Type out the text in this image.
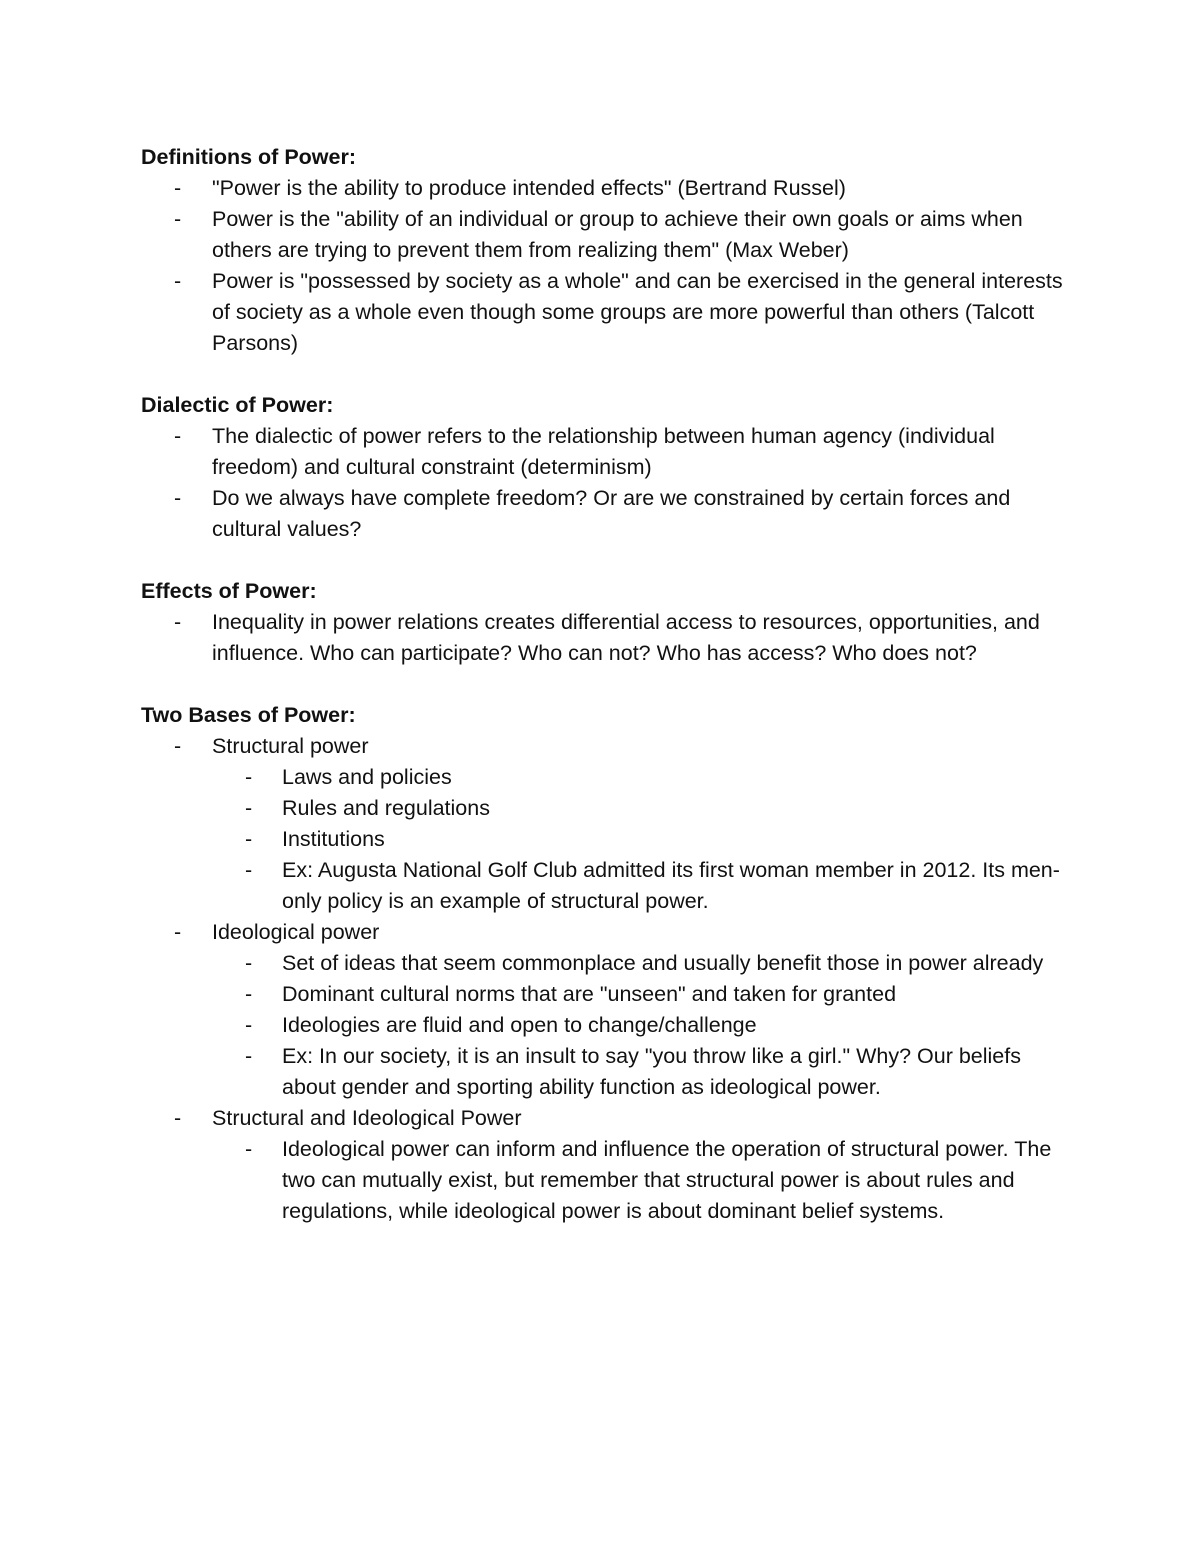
Definitions of Power:

- "Power is the ability to produce intended effects" (Bertrand Russel)
- Power is the "ability of an individual or group to achieve their own goals or aims when others are trying to prevent them from realizing them" (Max Weber)
- Power is "possessed by society as a whole" and can be exercised in the general interests of society as a whole even though some groups are more powerful than others (Talcott Parsons)

Dialectic of Power:

- The dialectic of power refers to the relationship between human agency (individual freedom) and cultural constraint (determinism)
- Do we always have complete freedom? Or are we constrained by certain forces and cultural values?

Effects of Power:

- Inequality in power relations creates differential access to resources, opportunities, and influence. Who can participate? Who can not? Who has access? Who does not?

Two Bases of Power:

- Structural power
- Laws and policies
- Rules and regulations
- Institutions
- Ex: Augusta National Golf Club admitted its first woman member in 2012. Its men-only policy is an example of structural power.
- Ideological power
- Set of ideas that seem commonplace and usually benefit those in power already
- Dominant cultural norms that are "unseen" and taken for granted
- Ideologies are fluid and open to change/challenge
- Ex: In our society, it is an insult to say "you throw like a girl." Why? Our beliefs about gender and sporting ability function as ideological power.
- Structural and Ideological Power
- Ideological power can inform and influence the operation of structural power. The two can mutually exist, but remember that structural power is about rules and regulations, while ideological power is about dominant belief systems.
